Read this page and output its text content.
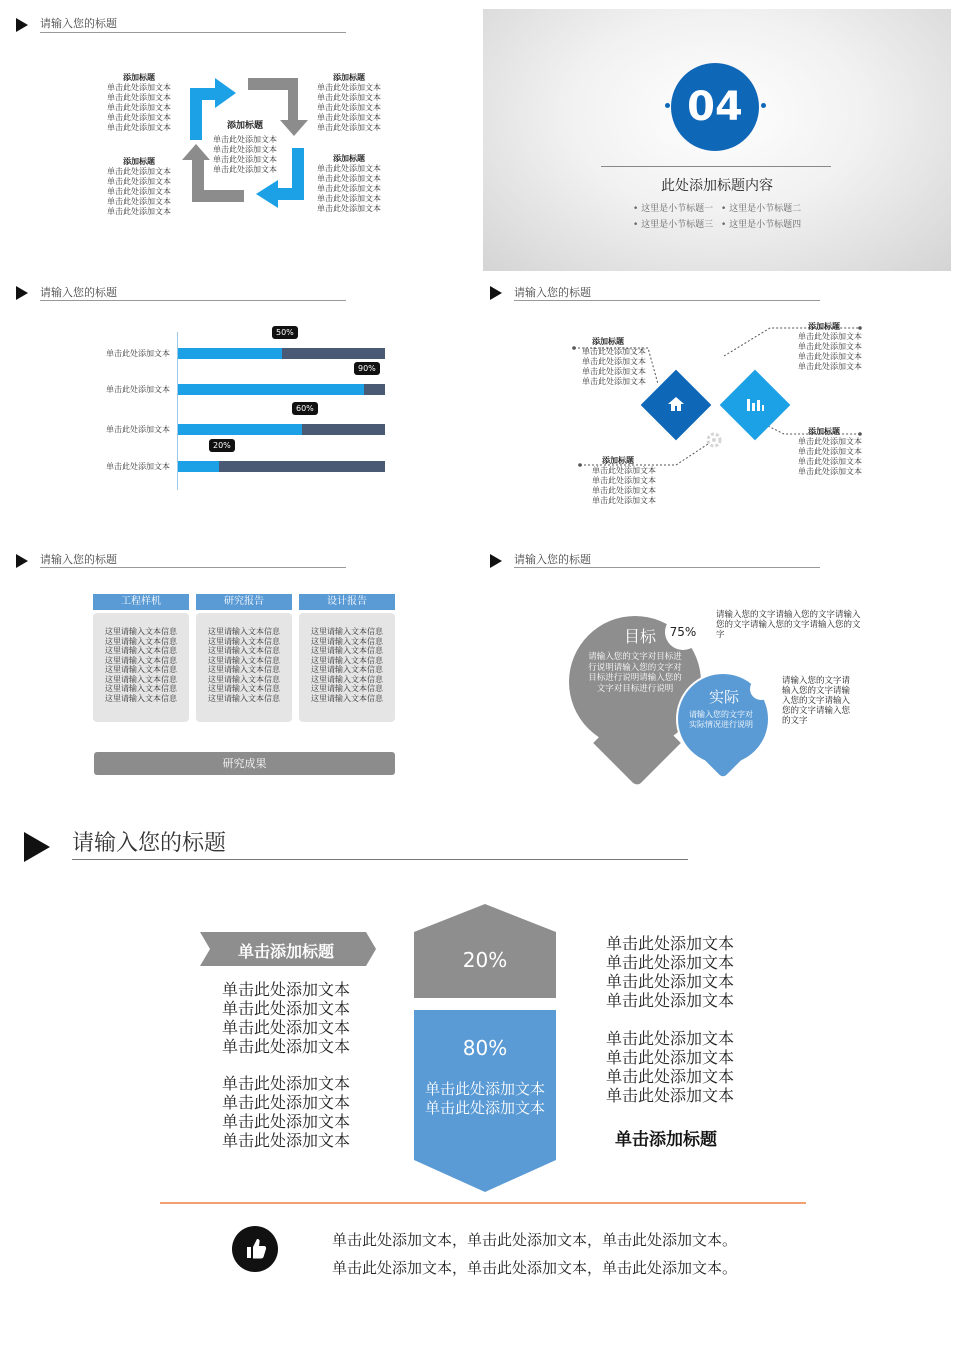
请输入您的标题
添加标题
单击此处添加文本
单击此处添加文本
单击此处添加文本
单击此处添加文本
添加标题
单击此处添加文本
单击此处添加文本
单击此处添加文本
单击此处添加文本
单击此处添加文本
添加标题
单击此处添加文本
单击此处添加文本
单击此处添加文本
单击此处添加文本
单击此处添加文本
添加标题
单击此处添加文本
单击此处添加文本
单击此处添加文本
单击此处添加文本
单击此处添加文本
添加标题
单击此处添加文本
单击此处添加文本
单击此处添加文本
单击此处添加文本
单击此处添加文本
04
此处添加标题内容
• 这里是小节标题一 • 这里是小节标题二 • 这里是小节标题三 • 这里是小节标题四
请输入您的标题
单击此处添加文本
50%
单击此处添加文本
90%
单击此处添加文本
60%
单击此处添加文本
20%
请输入您的标题
添加标题
单击此处添加文本
单击此处添加文本
单击此处添加文本
单击此处添加文本
添加标题
单击此处添加文本
单击此处添加文本
单击此处添加文本
单击此处添加文本
添加标题
单击此处添加文本
单击此处添加文本
单击此处添加文本
单击此处添加文本
添加标题
单击此处添加文本
单击此处添加文本
单击此处添加文本
单击此处添加文本
请输入您的标题
工程样机
这里请输入文本信息
这里请输入文本信息
这里请输入文本信息
这里请输入文本信息
这里请输入文本信息
这里请输入文本信息
这里请输入文本信息
这里请输入文本信息
研究报告
这里请输入文本信息
这里请输入文本信息
这里请输入文本信息
这里请输入文本信息
这里请输入文本信息
这里请输入文本信息
这里请输入文本信息
这里请输入文本信息
设计报告
这里请输入文本信息
这里请输入文本信息
这里请输入文本信息
这里请输入文本信息
这里请输入文本信息
这里请输入文本信息
这里请输入文本信息
这里请输入文本信息
研究成果
请输入您的标题
目标	75%
请输入您的文字对目标进行说明请输入您的文字对目标进行说明请输入您的文字对目标进行说明	实际
请输入您的文字对实际情况进行说明
请输入您的文字请输入您的文字请输入您的文字请输入您的文字请输入您的文字
请输入您的文字请输入您的文字请输入您的文字请输入您的文字请输入您的文字
请输入您的标题
单击添加标题
单击此处添加文本
单击此处添加文本
单击此处添加文本
单击此处添加文本
单击此处添加文本
单击此处添加文本
单击此处添加文本
单击此处添加文本
20%
80%
单击此处添加文本
单击此处添加文本
单击此处添加文本
单击此处添加文本
单击此处添加文本
单击此处添加文本
单击此处添加文本
单击此处添加文本
单击此处添加文本
单击此处添加文本
单击添加标题
单击此处添加文本，单击此处添加文本，单击此处添加文本。
单击此处添加文本，单击此处添加文本，单击此处添加文本。
